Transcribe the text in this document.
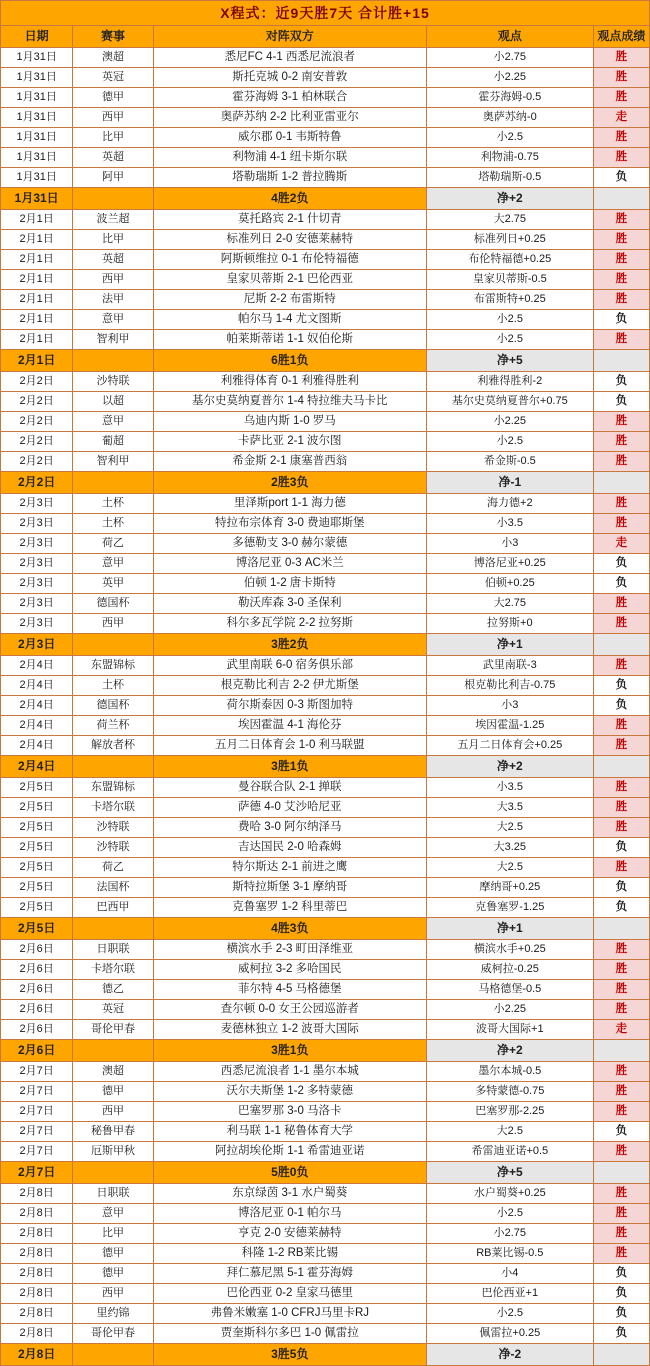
X程式：近9天胜7天 合计胜+15				
日期	赛事	对阵双方	观点	观点成绩
1月31日	澳超	悉尼FC 4-1 西悉尼流浪者	小2.75	胜
1月31日	英冠	斯托克城 0-2 南安普敦	小2.25	胜
1月31日	德甲	霍芬海姆 3-1 柏林联合	霍芬海姆-0.5	胜
1月31日	西甲	奥萨苏纳 2-2 比利亚雷亚尔	奥萨苏纳-0	走
1月31日	比甲	威尔郡 0-1 韦斯特鲁	小2.5	胜
1月31日	英超	利物浦 4-1 纽卡斯尔联	利物浦-0.75	胜
1月31日	阿甲	塔勒瑞斯 1-2 普拉腾斯	塔勒瑞斯-0.5	负
1月31日		4胜2负	净+2	
2月1日	波兰超	莫托路宾 2-1 什切青	大2.75	胜
2月1日	比甲	标准列日 2-0 安德莱赫特	标准列日+0.25	胜
2月1日	英超	阿斯顿维拉 0-1 布伦特福德	布伦特福德+0.25	胜
2月1日	西甲	皇家贝蒂斯 2-1 巴伦西亚	皇家贝蒂斯-0.5	胜
2月1日	法甲	尼斯 2-2 布雷斯特	布雷斯特+0.25	胜
2月1日	意甲	帕尔马 1-4 尤文图斯	小2.5	负
2月1日	智利甲	帕莱斯蒂诺 1-1 奴伯伦斯	小2.5	胜
2月1日		6胜1负	净+5	
2月2日	沙特联	利雅得体育 0-1 利雅得胜利	利雅得胜利-2	负
2月2日	以超	基尔史莫纳夏普尔 1-4 特拉维夫马卡比	基尔史莫纳夏普尔+0.75	负
2月2日	意甲	乌迪内斯 1-0 罗马	小2.25	胜
2月2日	葡超	卡萨比亚 2-1 波尔图	小2.5	胜
2月2日	智利甲	希金斯 2-1 康塞普西翁	希金斯-0.5	胜
2月2日		2胜3负	净-1	
2月3日	土杯	里泽斯port 1-1 海力德	海力德+2	胜
2月3日	土杯	特拉布宗体育 3-0 费迪耶斯堡	小3.5	胜
2月3日	荷乙	多德勒支 3-0 赫尔蒙德	小3	走
2月3日	意甲	博洛尼亚 0-3 AC米兰	博洛尼亚+0.25	负
2月3日	英甲	伯顿 1-2 唐卡斯特	伯顿+0.25	负
2月3日	德国杯	勒沃库森 3-0 圣保利	大2.75	胜
2月3日	西甲	科尔多瓦学院 2-2 拉努斯	拉努斯+0	胜
2月3日		3胜2负	净+1	
2月4日	东盟锦标	武里南联 6-0 宿务俱乐部	武里南联-3	胜
2月4日	土杯	根克勒比利吉 2-2 伊尤斯堡	根克勒比利吉-0.75	负
2月4日	德国杯	荷尔斯泰因 0-3 斯图加特	小3	负
2月4日	荷兰杯	埃因霍温 4-1 海伦芬	埃因霍温-1.25	胜
2月4日	解放者杯	五月二日体育会 1-0 利马联盟	五月二日体育会+0.25	胜
2月4日		3胜1负	净+2	
2月5日	东盟锦标	曼谷联合队 2-1 掸联	小3.5	胜
2月5日	卡塔尔联	萨德 4-0 艾沙哈尼亚	大3.5	胜
2月5日	沙特联	费哈 3-0 阿尔纳泽马	大2.5	胜
2月5日	沙特联	吉达国民 2-0 哈森姆	大3.25	负
2月5日	荷乙	特尔斯达 2-1 前进之鹰	大2.5	胜
2月5日	法国杯	斯特拉斯堡 3-1 摩纳哥	摩纳哥+0.25	负
2月5日	巴西甲	克鲁塞罗 1-2 科里蒂巴	克鲁塞罗-1.25	负
2月5日		4胜3负	净+1	
2月6日	日职联	横滨水手 2-3 町田泽维亚	横滨水手+0.25	胜
2月6日	卡塔尔联	威柯拉 3-2 多哈国民	威柯拉-0.25	胜
2月6日	德乙	菲尔特 4-5 马格德堡	马格德堡-0.5	胜
2月6日	英冠	查尔顿 0-0 女王公园巡游者	小2.25	胜
2月6日	哥伦甲春	麦德林独立 1-2 波哥大国际	波哥大国际+1	走
2月6日		3胜1负	净+2	
2月7日	澳超	西悉尼流浪者 1-1 墨尔本城	墨尔本城-0.5	胜
2月7日	德甲	沃尔夫斯堡 1-2 多特蒙德	多特蒙德-0.75	胜
2月7日	西甲	巴塞罗那 3-0 马洛卡	巴塞罗那-2.25	胜
2月7日	秘鲁甲春	利马联 1-1 秘鲁体育大学	大2.5	负
2月7日	厄斯甲秋	阿拉胡埃伦斯 1-1 希雷迪亚诺	希雷迪亚诺+0.5	胜
2月7日		5胜0负	净+5	
2月8日	日职联	东京绿茵 3-1 水户蜀葵	水户蜀葵+0.25	胜
2月8日	意甲	博洛尼亚 0-1 帕尔马	小2.5	胜
2月8日	比甲	亨克 2-0 安德莱赫特	小2.75	胜
2月8日	德甲	科隆 1-2 RB莱比锡	RB莱比锡-0.5	胜
2月8日	德甲	拜仁慕尼黑 5-1 霍芬海姆	小4	负
2月8日	西甲	巴伦西亚 0-2 皇家马德里	巴伦西亚+1	负
2月8日	里约锦	弗鲁米嫩塞 1-0 CFRJ马里卡RJ	小2.5	负
2月8日	哥伦甲春	贾奎斯科尔多巴 1-0 佩雷拉	佩雷拉+0.25	负
2月8日		3胜5负	净-2	
